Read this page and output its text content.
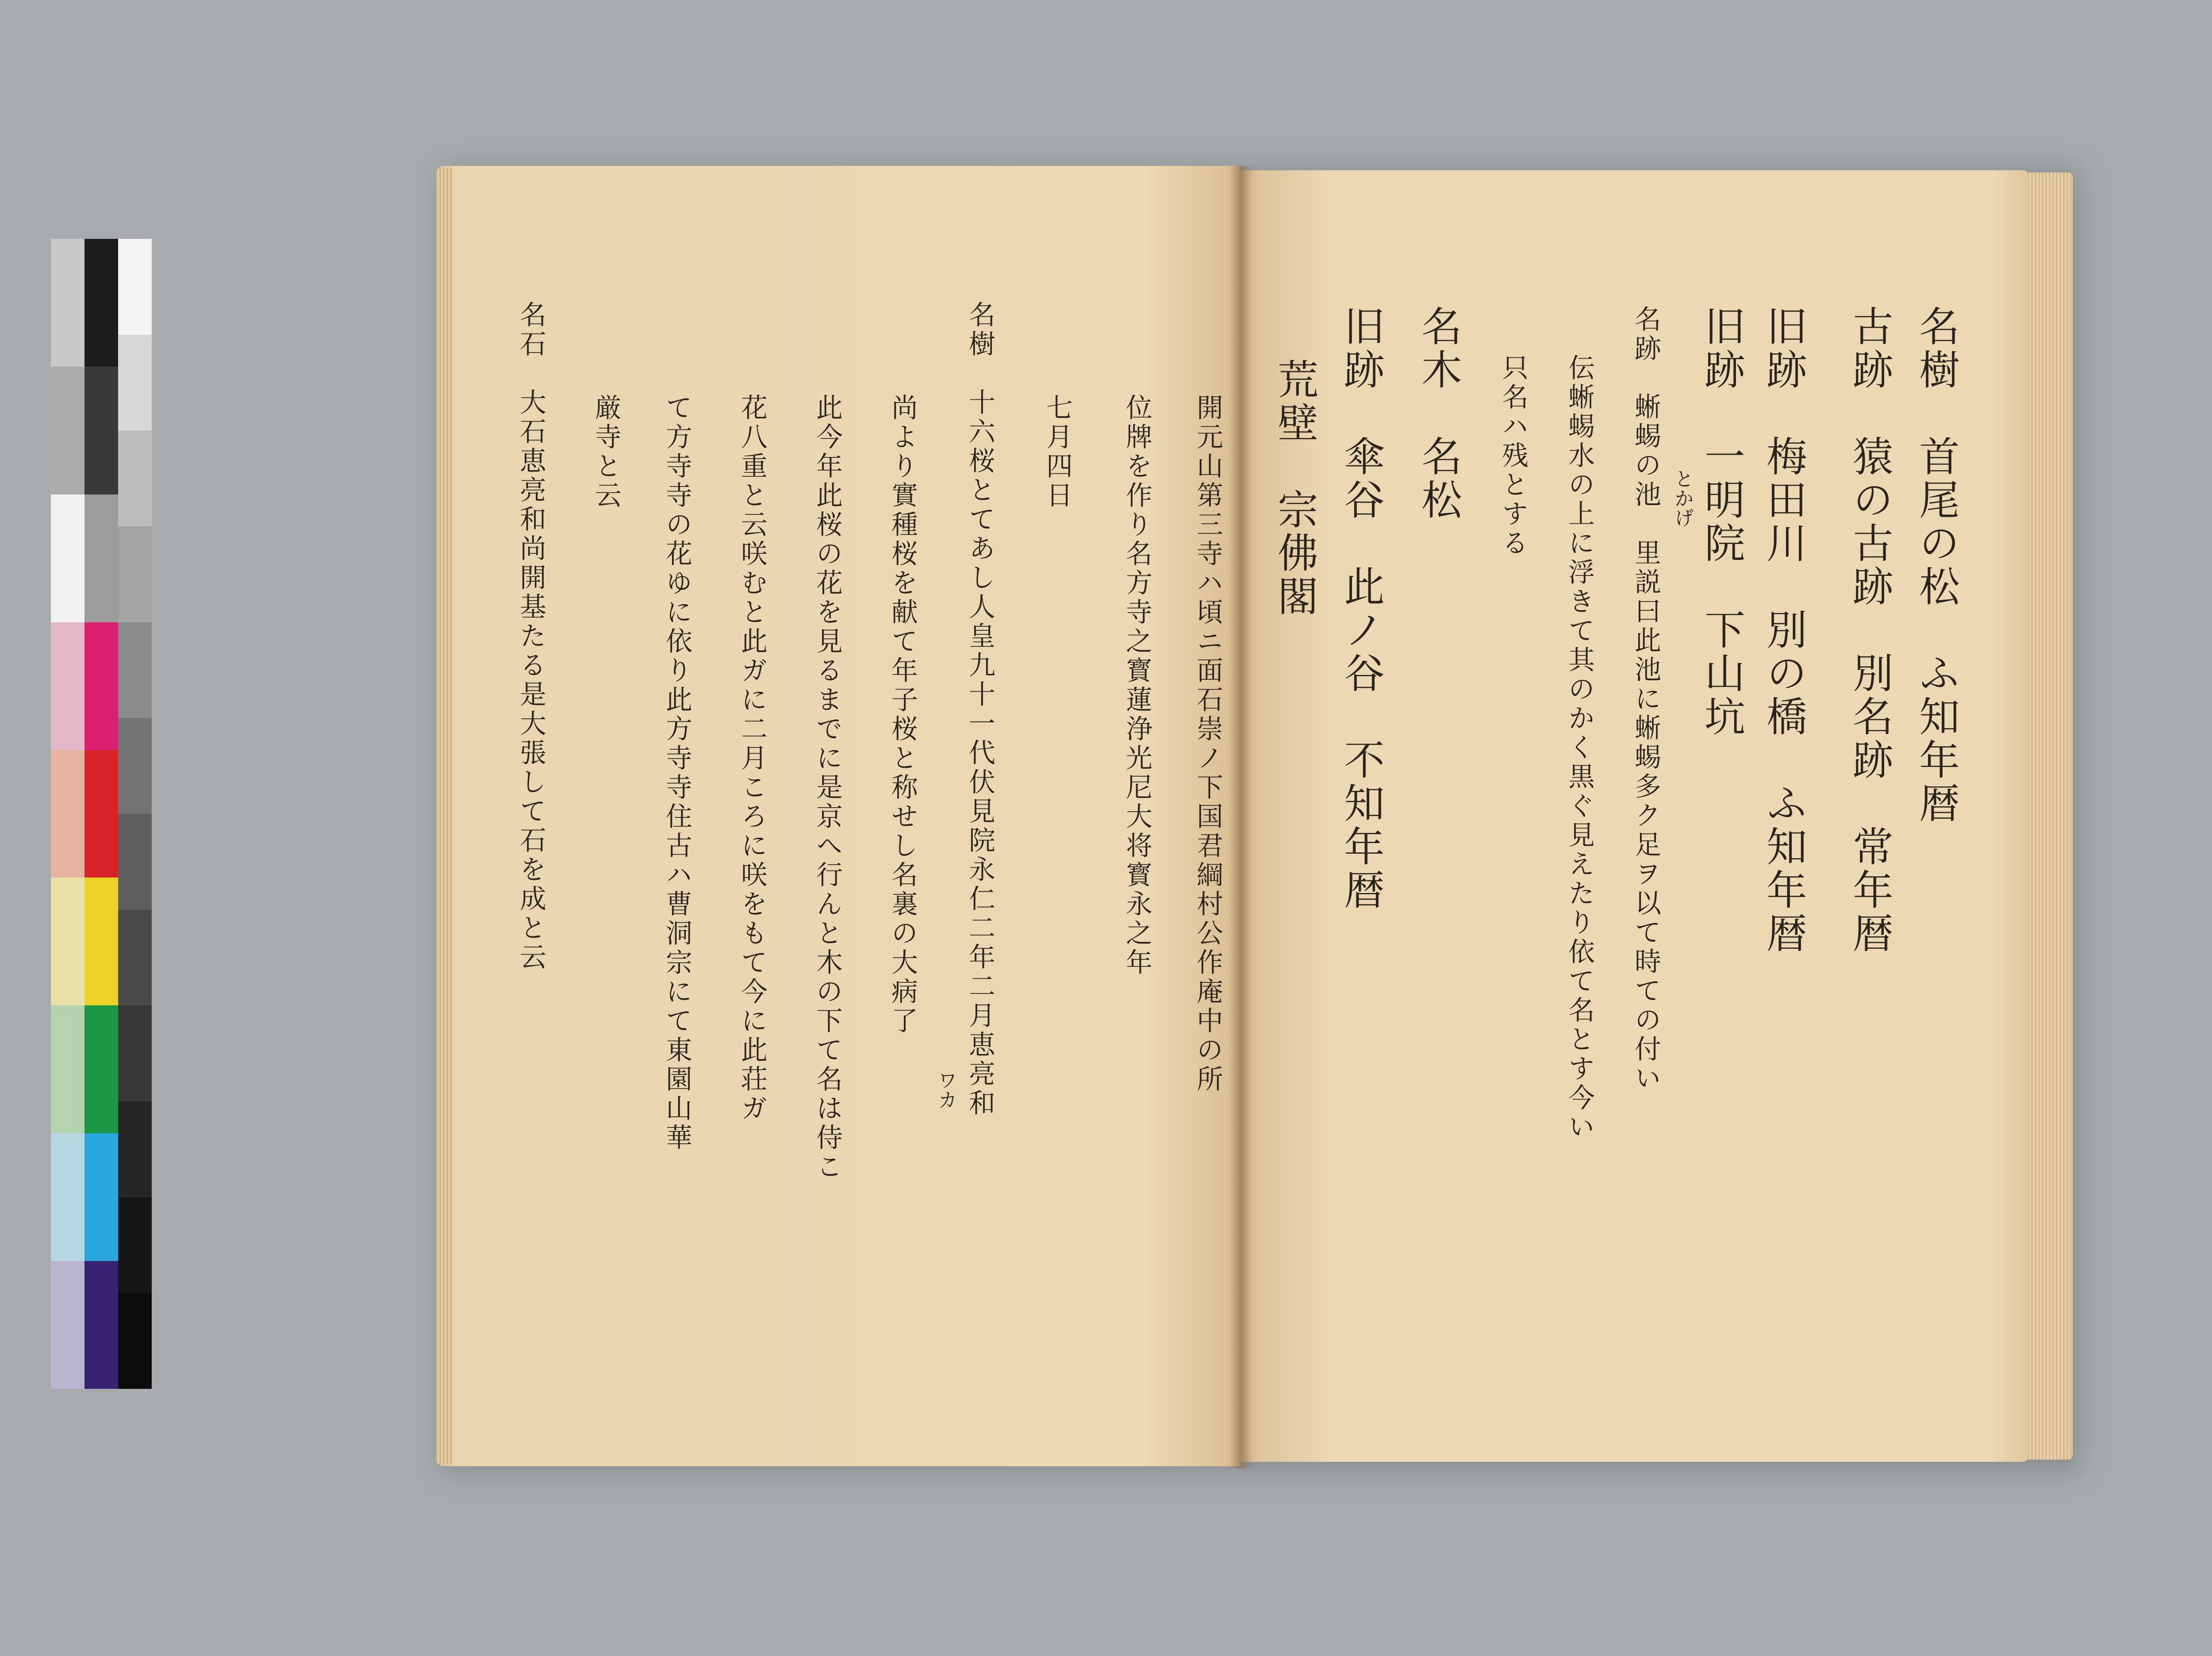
名樹　首尾の松　ふ知年暦
古跡　猿の古跡　別名跡　常年暦
旧跡　梅田川　別の橋　ふ知年暦
旧跡　一明院　下山坑
名跡　蜥蜴の池　里説曰此池に蜥蜴多ク足ヲ以て時ての付い とかげ
伝蜥蜴水の上に浮きて其のかく黒ぐ見えたり依て名とす今い
只名ハ残とする
名木　名松
旧跡　傘谷　此ノ谷　不知年暦
荒壁　宗佛閣
開元山第三寺ハ頃ニ面石崇ノ下国君綱村公作庵中の所
位牌を作り名方寺之寳蓮浄光尼大将寳永之年
七月四日
名樹　十六桜とてあし人皇九十一代伏見院永仁二年二月恵亮和
尚より實種桜を献て年子桜と称せし名裏の大病了
ワカ
此今年此桜の花を見るまでに是京へ行んと木の下て名は侍こ
花八重と云咲むと此ガに二月ころに咲をもて今に此荘ガ
て方寺寺の花ゆに依り此方寺寺住古ハ曹洞宗にて東園山華
厳寺と云
名石　大石恵亮和尚開基たる是大張して石を成と云
